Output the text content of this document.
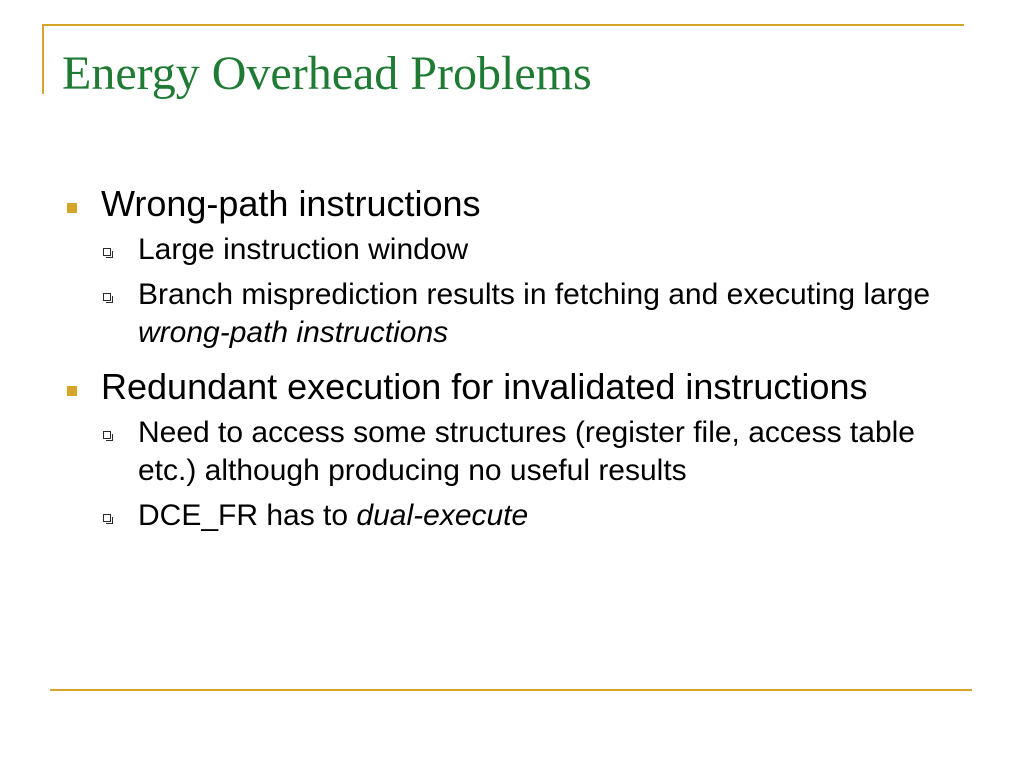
Energy Overhead Problems
Wrong-path instructions
Large instruction window
Branch misprediction results in fetching and executing large wrong-path instructions
Redundant execution for invalidated instructions
Need to access some structures (register file, access table etc.) although producing no useful results
DCE_FR has to dual-execute
